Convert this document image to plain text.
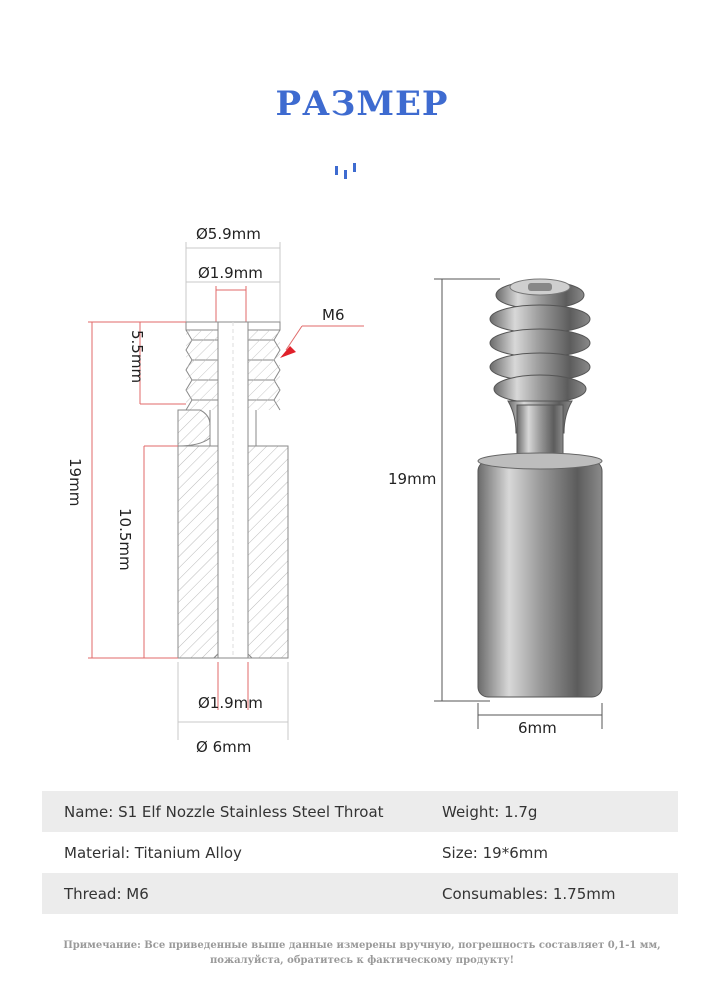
РАЗМЕР
Ø5.9mm
Ø1.9mm
5.5mm
19mm
10.5mm
M6
Ø1.9mm
Ø 6mm
19mm
6mm
Name: S1 Elf Nozzle Stainless Steel Throat	Weight: 1.7g
Material: Titanium Alloy	Size: 19*6mm
Thread: M6	Consumables: 1.75mm
Примечание: Все приведенные выше данные измерены вручную, погрешность составляет 0,1-1 мм,
пожалуйста, обратитесь к фактическому продукту!
